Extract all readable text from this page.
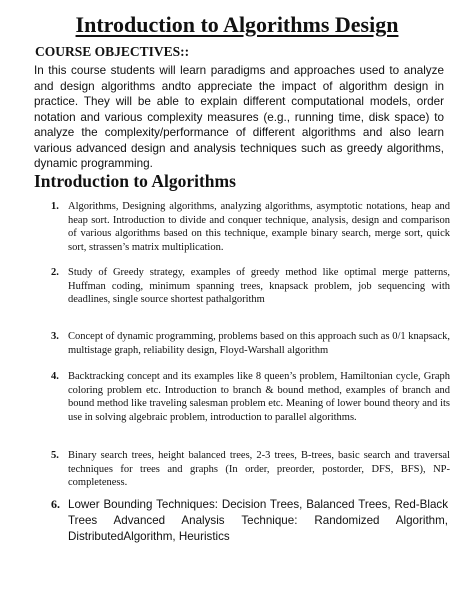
Introduction to Algorithms Design
COURSE OBJECTIVES::

In this course students will learn paradigms and approaches used to analyze and design algorithms andto appreciate the impact of algorithm design in practice. They will be able to explain different computational models, order notation and various complexity measures (e.g., running time, disk space) to analyze the complexity/performance of different algorithms and also learn various advanced design and analysis techniques such as greedy algorithms, dynamic programming.

Introduction to Algorithms
1. Algorithms, Designing algorithms, analyzing algorithms, asymptotic notations, heap and heap sort. Introduction to divide and conquer technique, analysis, design and comparison of various algorithms based on this technique, example binary search, merge sort, quick sort, strassen’s matrix multiplication.
2. Study of Greedy strategy, examples of greedy method like optimal merge patterns, Huffman coding, minimum spanning trees, knapsack problem, job sequencing with deadlines, single source shortest pathalgorithm
3. Concept of dynamic programming, problems based on this approach such as 0/1 knapsack, multistage graph, reliability design, Floyd-Warshall algorithm
4. Backtracking concept and its examples like 8 queen’s problem, Hamiltonian cycle, Graph coloring problem etc. Introduction to branch & bound method, examples of branch and bound method like traveling salesman problem etc. Meaning of lower bound theory and its use in solving algebraic problem, introduction to parallel algorithms.
5. Binary search trees, height balanced trees, 2-3 trees, B-trees, basic search and traversal techniques for trees and graphs (In order, preorder, postorder, DFS, BFS), NP-completeness.
6. Lower Bounding Techniques: Decision Trees, Balanced Trees, Red-Black Trees Advanced Analysis Technique: Randomized Algorithm, DistributedAlgorithm, Heuristics
